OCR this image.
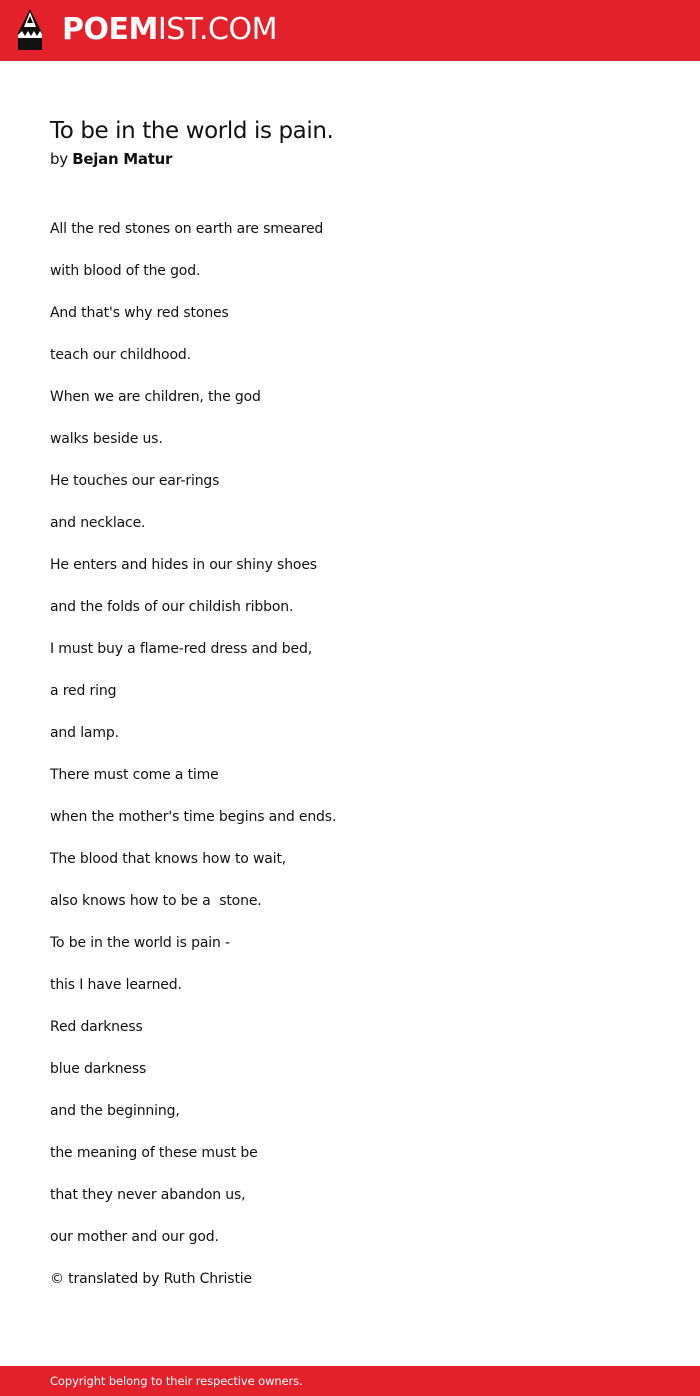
POEMIST.COM
To be in the world is pain.
by Bejan Matur
All the red stones on earth are smeared
with blood of the god.
And that's why red stones
teach our childhood.
When we are children, the god
walks beside us.
He touches our ear-rings
and necklace.
He enters and hides in our shiny shoes
and the folds of our childish ribbon.
I must buy a flame-red dress and bed,
a red ring
and lamp.
There must come a time
when the mother's time begins and ends.
The blood that knows how to wait,
also knows how to be a  stone.
To be in the world is pain -
this I have learned.
Red darkness
blue darkness
and the beginning,
the meaning of these must be
that they never abandon us,
our mother and our god.
© translated by Ruth Christie
Copyright belong to their respective owners.
